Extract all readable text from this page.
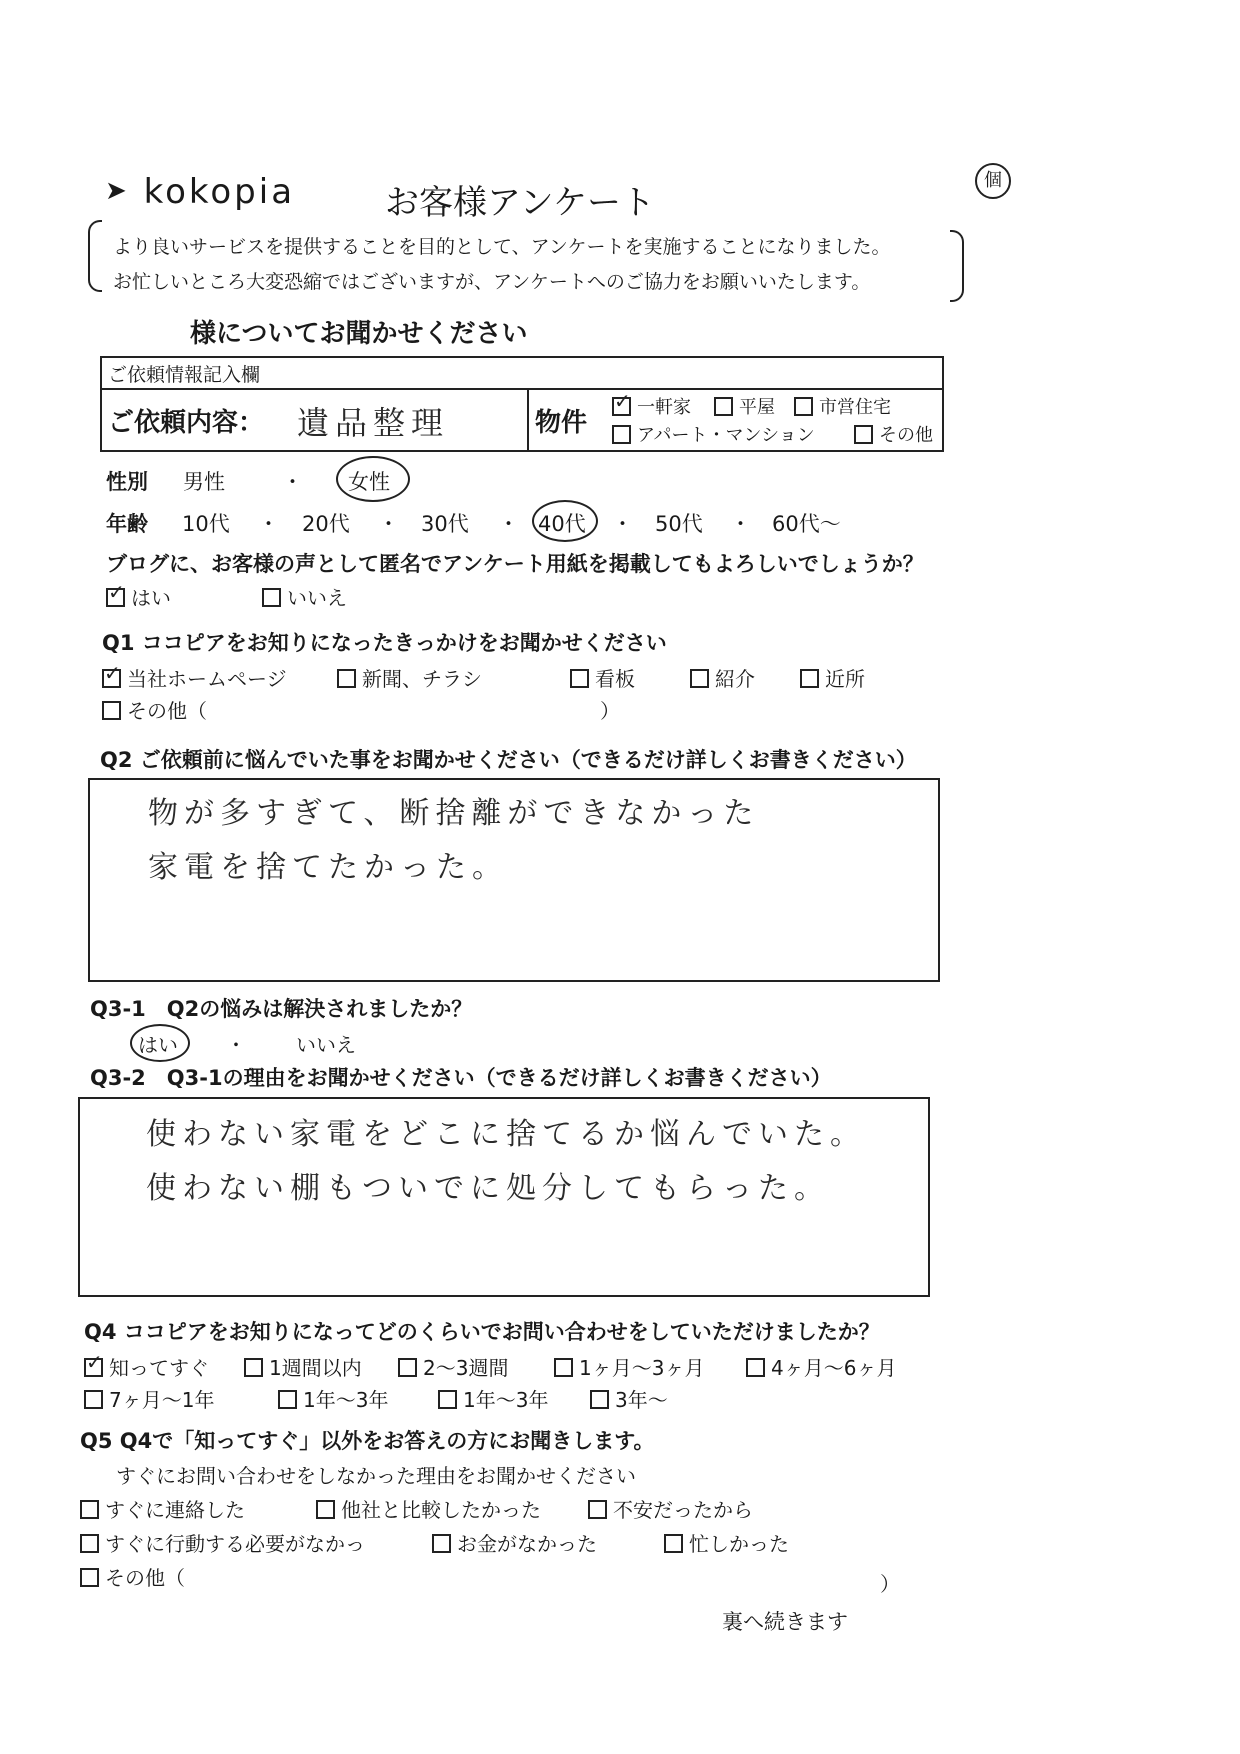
➤ kokopia	お客様アンケート
個
より良いサービスを提供することを目的として、アンケートを実施することになりました。
お忙しいところ大変恐縮ではございますが、アンケートへのご協力をお願いいたします。
様についてお聞かせください
ご依頼情報記入欄
ご依頼内容： 遺品整理	物件
✓一軒家	平屋	市営住宅
アパート・マンション	その他
性別 男性	・ 女性
年齢 10代 ・ 20代 ・ 30代 ・ 40代 ・ 50代 ・ 60代〜
ブログに、お客様の声として匿名でアンケート用紙を掲載してもよろしいでしょうか？
✓はい	いいえ
Q1 ココピアをお知りになったきっかけをお聞かせください
✓当社ホームページ	新聞、チラシ	看板	紹介	近所
その他（	）
Q2 ご依頼前に悩んでいた事をお聞かせください（できるだけ詳しくお書きください）
物が多すぎて、断捨離ができなかった
家電を捨てたかった。
Q3-1　Q2の悩みは解決されましたか？
はい ・	いいえ
Q3-2　Q3-1の理由をお聞かせください（できるだけ詳しくお書きください）
使わない家電をどこに捨てるか悩んでいた。
使わない棚もついでに処分してもらった。
Q4 ココピアをお知りになってどのくらいでお問い合わせをしていただけましたか？
✓知ってすぐ	1週間以内	2〜3週間	1ヶ月〜3ヶ月	4ヶ月〜6ヶ月
7ヶ月〜1年	1年〜3年	1年〜3年	3年〜
Q5 Q4で「知ってすぐ」以外をお答えの方にお聞きします。
すぐにお問い合わせをしなかった理由をお聞かせください
すぐに連絡した	他社と比較したかった	不安だったから
すぐに行動する必要がなかっ	お金がなかった	忙しかった
その他（	）
裏へ続きます
